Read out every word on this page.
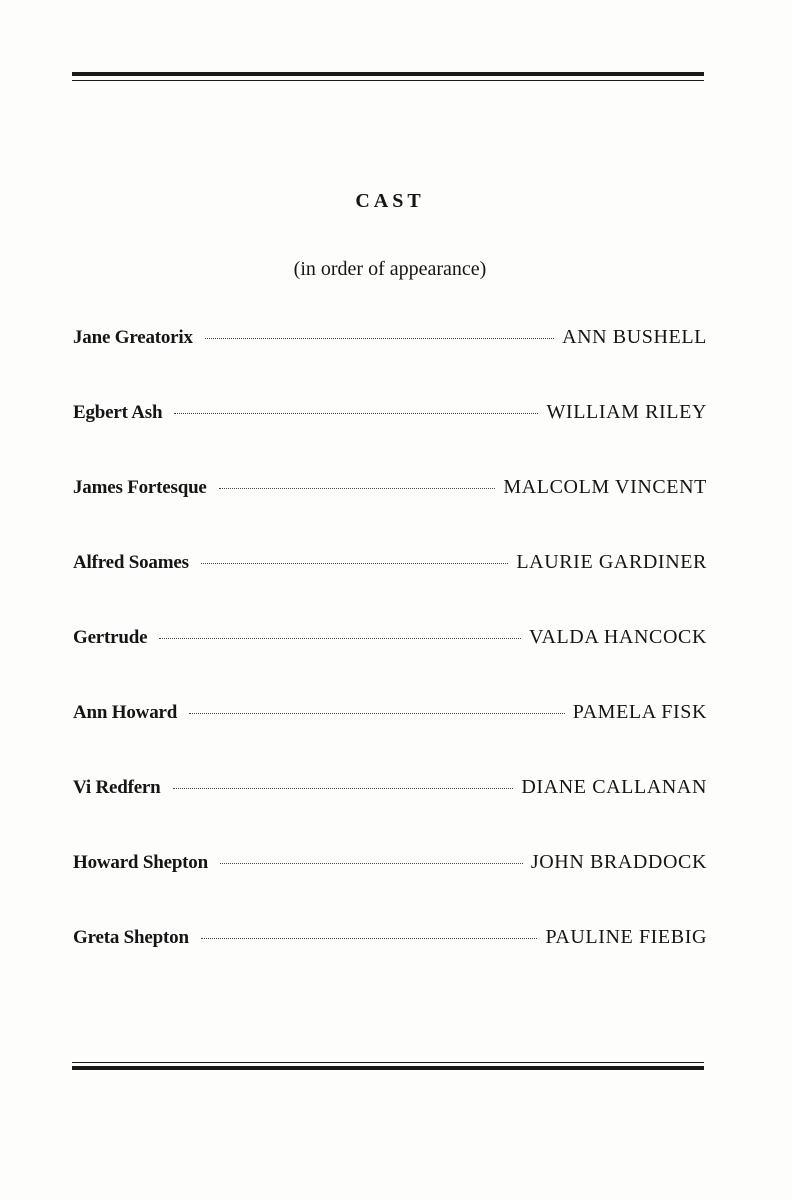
CAST
(in order of appearance)
Jane Greatorix	ANN BUSHELL
Egbert Ash	WILLIAM RILEY
James Fortesque	MALCOLM VINCENT
Alfred Soames	LAURIE GARDINER
Gertrude	VALDA HANCOCK
Ann Howard	PAMELA FISK
Vi Redfern	DIANE CALLANAN
Howard Shepton	JOHN BRADDOCK
Greta Shepton	PAULINE FIEBIG
